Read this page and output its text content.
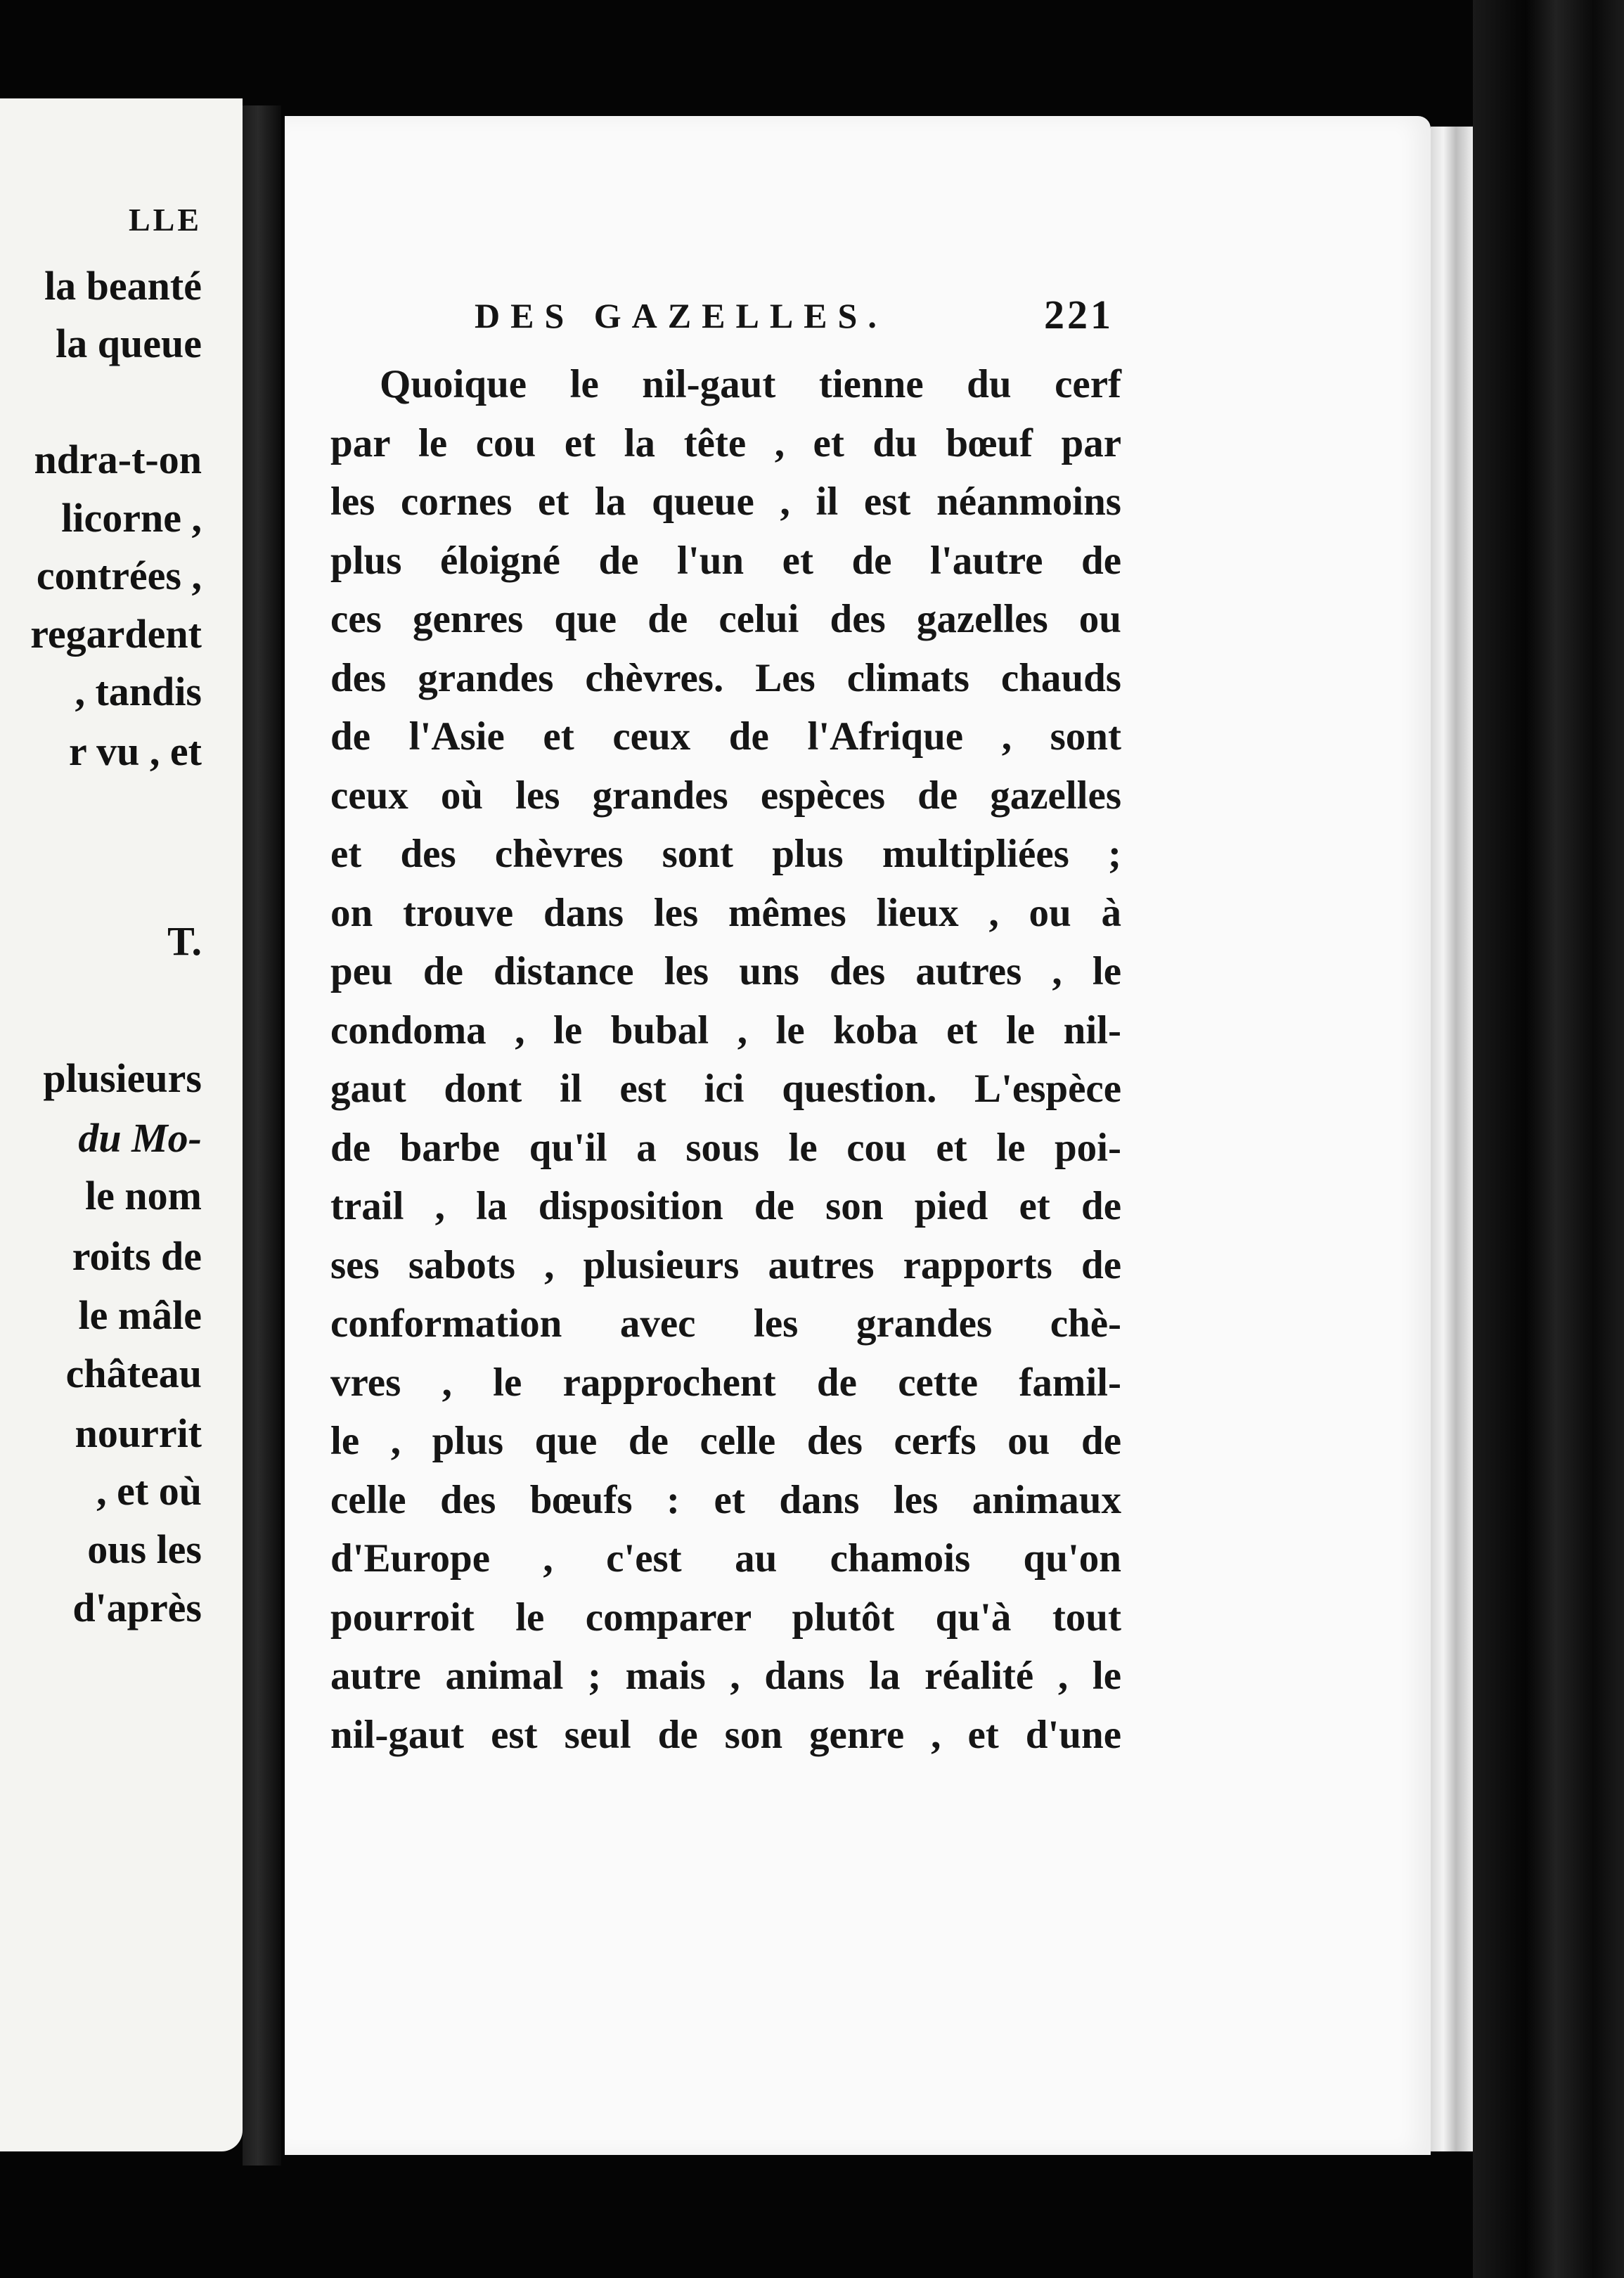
LLE
la beanté
la queue
ndra-t-on
licorne ,
contrées ,
regardent
, tandis
r vu , et
T.
plusieurs
du Mo-
le nom
roits de
le mâle
château
nourrit
, et où
ous les
d'après
DES GAZELLES.	221
Quoique le nil-gaut tienne du cerf
par le cou et la tête , et du bœuf par
les cornes et la queue , il est néanmoins
plus éloigné de l'un et de l'autre de
ces genres que de celui des gazelles ou
des grandes chèvres. Les climats chauds
de l'Asie et ceux de l'Afrique , sont
ceux où les grandes espèces de gazelles
et des chèvres sont plus multipliées ;
on trouve dans les mêmes lieux , ou à
peu de distance les uns des autres , le
condoma , le bubal , le koba et le nil-
gaut dont il est ici question. L'espèce
de barbe qu'il a sous le cou et le poi-
trail , la disposition de son pied et de
ses sabots , plusieurs autres rapports de
conformation avec les grandes chè-
vres , le rapprochent de cette famil-
le , plus que de celle des cerfs ou de
celle des bœufs : et dans les animaux
d'Europe , c'est au chamois qu'on
pourroit le comparer plutôt qu'à tout
autre animal ; mais , dans la réalité , le
nil-gaut est seul de son genre , et d'une
